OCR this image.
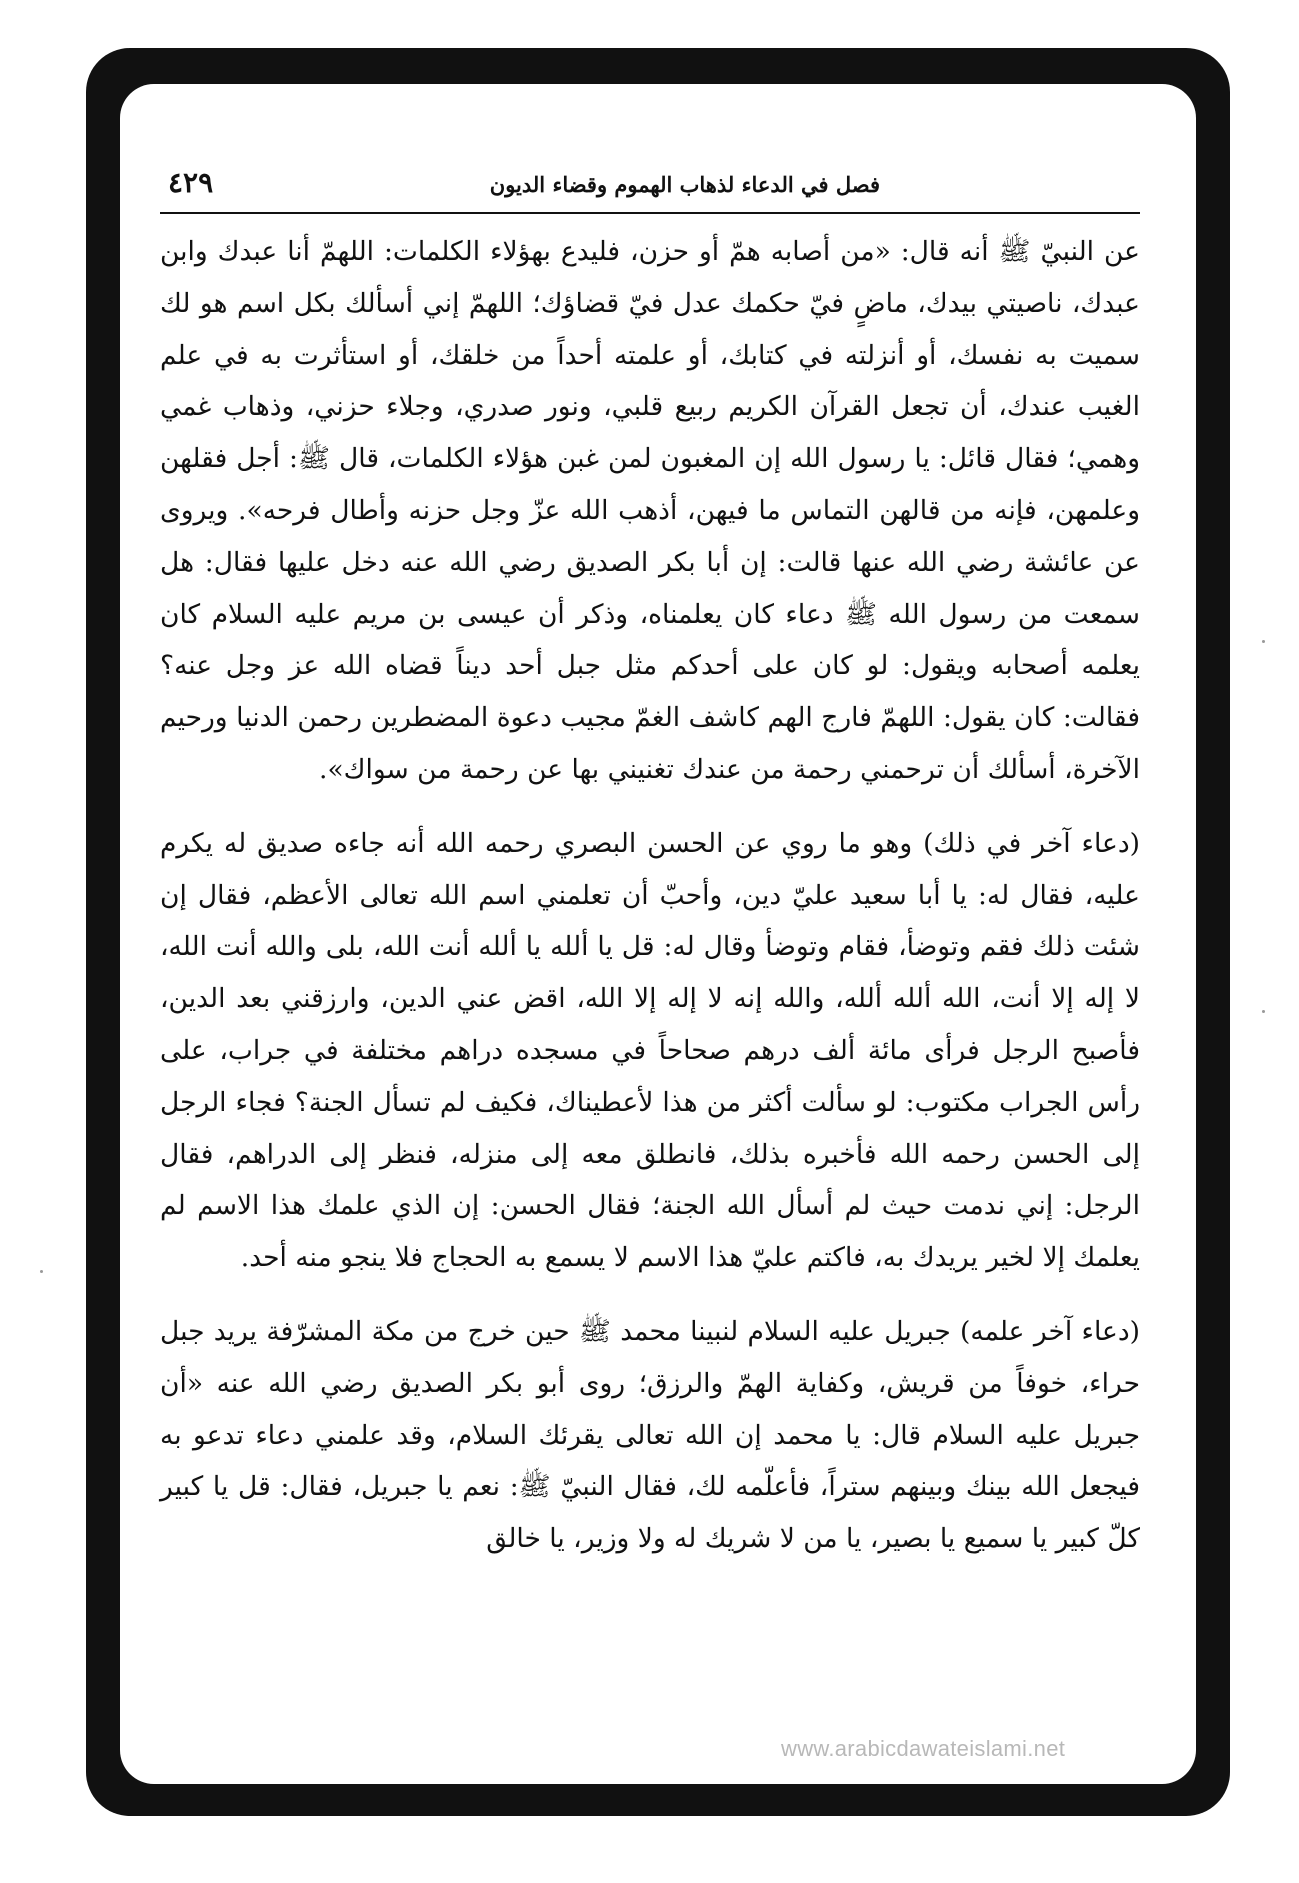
فصل في الدعاء لذهاب الهموم وقضاء الديون
٤٢٩

عن النبيّ ﷺ أنه قال: «من أصابه همّ أو حزن، فليدع بهؤلاء الكلمات: اللهمّ أنا عبدك وابن عبدك، ناصيتي بيدك، ماضٍ فيّ حكمك عدل فيّ قضاؤك؛ اللهمّ إني أسألك بكل اسم هو لك سميت به نفسك، أو أنزلته في كتابك، أو علمته أحداً من خلقك، أو استأثرت به في علم الغيب عندك، أن تجعل القرآن الكريم ربيع قلبي، ونور صدري، وجلاء حزني، وذهاب غمي وهمي؛ فقال قائل: يا رسول الله إن المغبون لمن غبن هؤلاء الكلمات، قال ﷺ: أجل فقلهن وعلمهن، فإنه من قالهن التماس ما فيهن، أذهب الله عزّ وجل حزنه وأطال فرحه». ويروى عن عائشة رضي الله عنها قالت: إن أبا بكر الصديق رضي الله عنه دخل عليها فقال: هل سمعت من رسول الله ﷺ دعاء كان يعلمناه، وذكر أن عيسى بن مريم عليه السلام كان يعلمه أصحابه ويقول: لو كان على أحدكم مثل جبل أحد ديناً قضاه الله عز وجل عنه؟ فقالت: كان يقول: اللهمّ فارج الهم كاشف الغمّ مجيب دعوة المضطرين رحمن الدنيا ورحيم الآخرة، أسألك أن ترحمني رحمة من عندك تغنيني بها عن رحمة من سواك».

(دعاء آخر في ذلك) وهو ما روي عن الحسن البصري رحمه الله أنه جاءه صديق له يكرم عليه، فقال له: يا أبا سعيد عليّ دين، وأحبّ أن تعلمني اسم الله تعالى الأعظم، فقال إن شئت ذلك فقم وتوضأ، فقام وتوضأ وقال له: قل يا ألله يا ألله أنت الله، بلى والله أنت الله، لا إله إلا أنت، الله ألله ألله، والله إنه لا إله إلا الله، اقض عني الدين، وارزقني بعد الدين، فأصبح الرجل فرأى مائة ألف درهم صحاحاً في مسجده دراهم مختلفة في جراب، على رأس الجراب مكتوب: لو سألت أكثر من هذا لأعطيناك، فكيف لم تسأل الجنة؟ فجاء الرجل إلى الحسن رحمه الله فأخبره بذلك، فانطلق معه إلى منزله، فنظر إلى الدراهم، فقال الرجل: إني ندمت حيث لم أسأل الله الجنة؛ فقال الحسن: إن الذي علمك هذا الاسم لم يعلمك إلا لخير يريدك به، فاكتم عليّ هذا الاسم لا يسمع به الحجاج فلا ينجو منه أحد.

(دعاء آخر علمه) جبريل عليه السلام لنبينا محمد ﷺ حين خرج من مكة المشرّفة يريد جبل حراء، خوفاً من قريش، وكفاية الهمّ والرزق؛ روى أبو بكر الصديق رضي الله عنه «أن جبريل عليه السلام قال: يا محمد إن الله تعالى يقرئك السلام، وقد علمني دعاء تدعو به فيجعل الله بينك وبينهم ستراً، فأعلّمه لك، فقال النبيّ ﷺ: نعم يا جبريل، فقال: قل يا كبير كلّ كبير يا سميع يا بصير، يا من لا شريك له ولا وزير، يا خالق

www.arabicdawateislami.net
